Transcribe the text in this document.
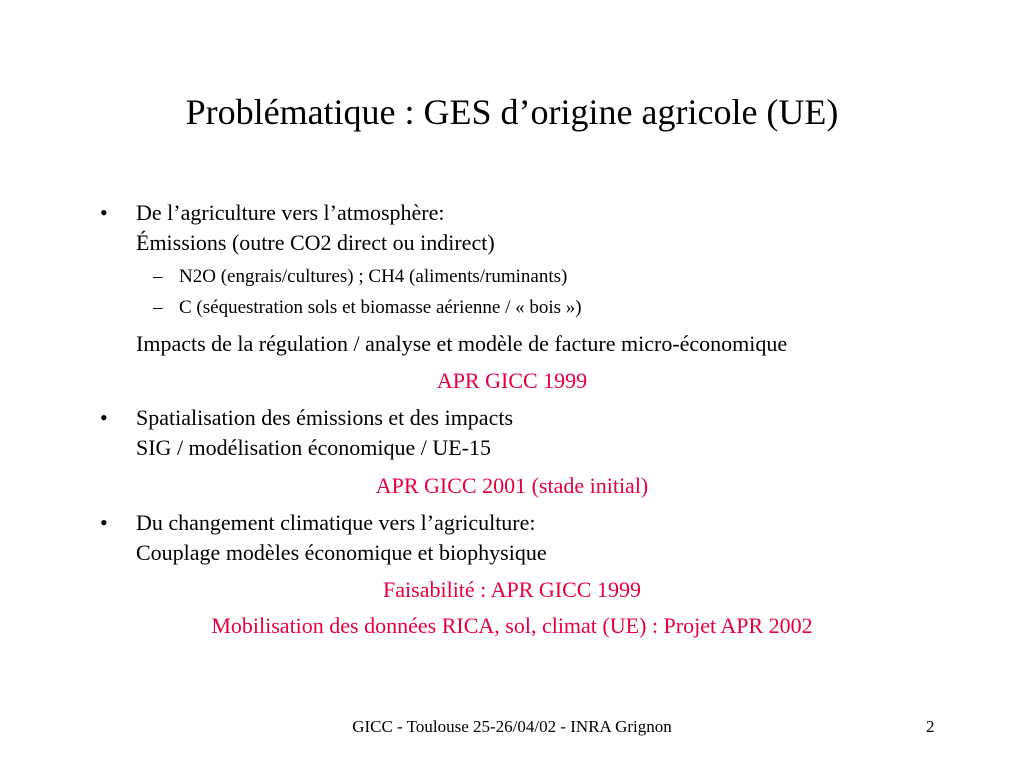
Problématique : GES d’origine agricole (UE)
• De l’agriculture vers l’atmosphère:
Émissions (outre CO2 direct ou indirect)
– N2O (engrais/cultures) ; CH4 (aliments/ruminants)
– C (séquestration sols et biomasse aérienne / « bois »)
Impacts de la régulation / analyse et modèle de facture micro-économique
APR GICC 1999
• Spatialisation des émissions et des impacts
SIG / modélisation économique / UE-15
APR GICC 2001 (stade initial)
• Du changement climatique vers l’agriculture:
Couplage modèles économique et biophysique
Faisabilité : APR GICC 1999
Mobilisation des données RICA, sol, climat (UE) : Projet APR 2002
GICC - Toulouse 25-26/04/02 - INRA Grignon	2
